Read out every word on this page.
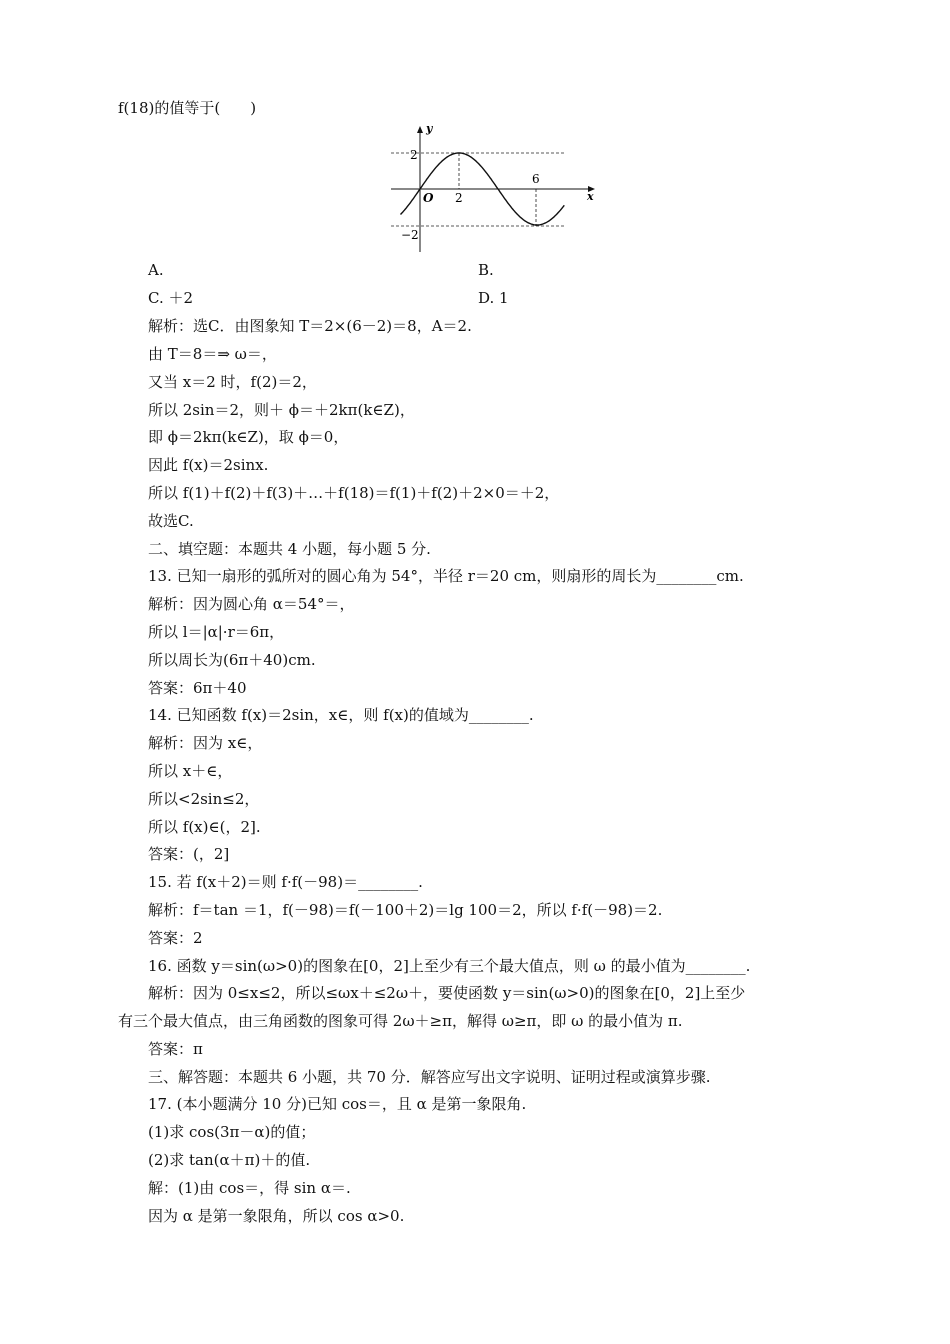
f(18)的值等于(　　)
y
x
2
−2
O 2
6
A.	B.
C. ＋2	D. 1
解析：选C．由图象知 T＝2×(6－2)＝8，A＝2.
由 T＝8＝⇒ ω＝，
又当 x＝2 时，f(2)＝2，
所以 2sin＝2，则＋ ϕ＝＋2kπ(k∈Z)，
即 ϕ＝2kπ(k∈Z)，取 ϕ＝0，
因此 f(x)＝2sinx.
所以 f(1)＋f(2)＋f(3)＋…＋f(18)＝f(1)＋f(2)＋2×0＝＋2，
故选C.
二、填空题：本题共 4 小题，每小题 5 分.
13. 已知一扇形的弧所对的圆心角为 54°，半径 r＝20 cm，则扇形的周长为________cm.
解析：因为圆心角 α＝54°＝，
所以 l＝|α|·r＝6π，
所以周长为(6π＋40)cm.
答案：6π＋40
14. 已知函数 f(x)＝2sin，x∈，则 f(x)的值域为________.
解析：因为 x∈，
所以 x＋∈，
所以<2sin≤2，
所以 f(x)∈(，2].
答案：(，2]
15. 若 f(x＋2)＝则 f·f(－98)＝________.
解析：f＝tan ＝1，f(－98)＝f(－100＋2)＝lg 100＝2，所以 f·f(－98)＝2.
答案：2
16. 函数 y＝sin(ω>0)的图象在[0，2]上至少有三个最大值点，则 ω 的最小值为________.
解析：因为 0≤x≤2，所以≤ωx＋≤2ω＋，要使函数 y＝sin(ω>0)的图象在[0，2]上至少
有三个最大值点，由三角函数的图象可得 2ω＋≥π，解得 ω≥π，即 ω 的最小值为 π.
答案：π
三、解答题：本题共 6 小题，共 70 分．解答应写出文字说明、证明过程或演算步骤.
17. (本小题满分 10 分)已知 cos＝，且 α 是第一象限角.
(1)求 cos(3π－α)的值；
(2)求 tan(α＋π)＋的值.
解：(1)由 cos＝，得 sin α＝.
因为 α 是第一象限角，所以 cos α>0.
